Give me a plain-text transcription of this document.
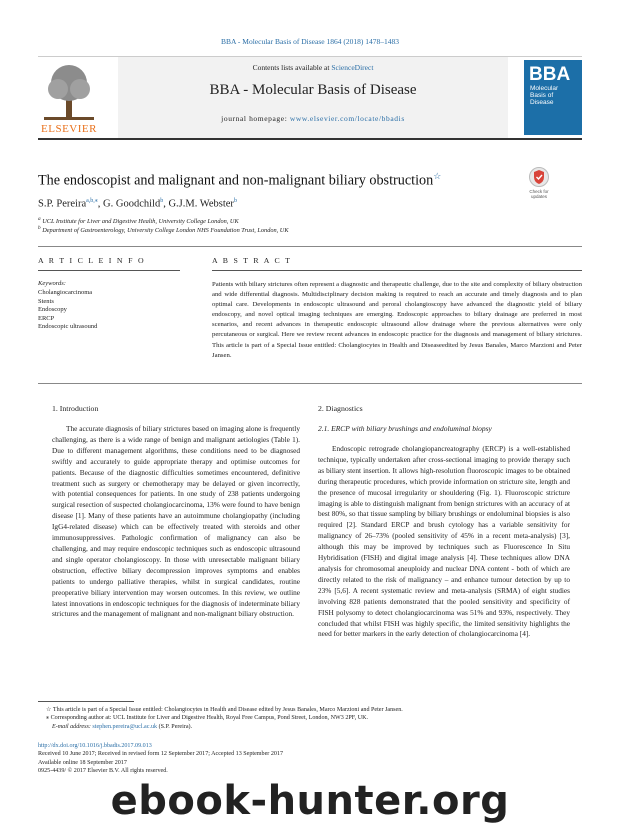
BBA - Molecular Basis of Disease 1864 (2018) 1478–1483
ELSEVIER
Contents lists available at ScienceDirect
BBA - Molecular Basis of Disease
journal homepage: www.elsevier.com/locate/bbadis
BBA
Molecular
Basis of
Disease
The endoscopist and malignant and non-malignant biliary obstruction☆
Check for
updates
S.P. Pereira$^{a,b,⁎}$, G. Goodchild$^b$, G.J.M. Webster$^b$
$^a$ UCL Institute for Liver and Digestive Health, University College London, UK
$^b$ Department of Gastroenterology, University College London NHS Foundation Trust, London, UK
A R T I C L E I N F O	A B S T R A C T
Keywords:
Cholangiocarcinoma
Stents
Endoscopy
ERCP
Endoscopic ultrasound
Patients with biliary strictures often represent a diagnostic and therapeutic challenge, due to the site and complexity of biliary obstruction and wide differential diagnosis. Multidisciplinary decision making is required to reach an accurate and timely diagnosis and to plan optimal care. Developments in endoscopic ultrasound and peroral cholangioscopy have advanced the diagnostic yield of biliary endoscopy, and novel optical imaging techniques are emerging. Endoscopic approaches to biliary drainage are preferred in most scenarios, and recent advances in therapeutic endoscopic ultrasound allow drainage where the previous alternatives were only percutaneous or surgical. Here we review recent advances in endoscopic practice for the diagnosis and management of biliary strictures. This article is part of a Special Issue entitled: Cholangiocytes in Health and Diseaseedited by Jesus Banales, Marco Marzioni and Peter Jansen.
1. Introduction

The accurate diagnosis of biliary strictures based on imaging alone is frequently challenging, as there is a wide range of benign and malignant aetiologies (Table 1). Due to different management algorithms, these conditions need to be diagnosed swiftly and accurately to guide appropriate therapy and optimise outcomes for patients. Because of the diagnostic difficulties sometimes encountered, definitive treatment such as surgery or chemotherapy may be delayed or given incorrectly, with potential consequences for patients. In one study of 238 patients undergoing surgical resection of suspected cholangiocarcinoma, 13% were found to have benign disease [1]. Many of these patients have an autoimmune cholangiopathy (including IgG4-related disease) which can be effectively treated with steroids and other immunosuppressives. Pathologic confirmation of malignancy can also be challenging, and may require endoscopic techniques such as endoscopic ultrasound and single operator cholangioscopy. In those with unresectable malignant biliary obstruction, effective biliary decompression improves symptoms and enables patients to undergo palliative therapies, whilst in surgical candidates, routine preoperative biliary intervention may worsen outcomes. In this review, we outline latest innovations in endoscopic techniques for the diagnosis of indeterminate biliary strictures and the management of malignant and non-malignant biliary obstruction.

2. Diagnostics
2.1. ERCP with biliary brushings and endoluminal biopsy

Endoscopic retrograde cholangiopancreatography (ERCP) is a well-established technique, typically undertaken after cross-sectional imaging to provide therapy such as biliary stent insertion. It allows high-resolution fluoroscopic images to be obtained during therapeutic procedures, which provide information on stricture site, length and the presence of mucosal irregularity or shouldering (Fig. 1). Fluoroscopic stricture imaging is able to distinguish malignant from benign strictures with an accuracy of at best 80%, so that tissue sampling by biliary brushings or endoluminal biopsies is also required [2]. Standard ERCP and brush cytology has a variable sensitivity for malignancy of 26–73% (pooled sensitivity of 45% in a recent meta-analysis) [3], although this may be improved by techniques such as Fluorescence In Situ Hybridisation (FISH) and digital image analysis [4]. These techniques allow DNA analysis for chromosomal aneuploidy and nuclear DNA content - both of which are directly related to the risk of malignancy – and enhance tumour detection by up to 23% [5,6]. A recent systematic review and meta-analysis (SRMA) of eight studies involving 828 patients demonstrated that the pooled sensitivity and specificity of FISH polysomy to detect cholangiocarcinoma was 51% and 93%, respectively. They concluded that whilst FISH was highly specific, the limited sensitivity highlights the need for better markers in the early detection of cholangiocarcinoma [4].

☆ This article is part of a Special Issue entitled: Cholangiocytes in Health and Disease edited by Jesus Banales, Marco Marzioni and Peter Jansen.
⁎ Corresponding author at: UCL Institute for Liver and Digestive Health, Royal Free Campus, Pond Street, London, NW3 2PF, UK.
E-mail address: stephen.pereira@ucl.ac.uk (S.P. Pereira).
http://dx.doi.org/10.1016/j.bbadis.2017.09.013
Received 10 June 2017; Received in revised form 12 September 2017; Accepted 13 September 2017
Available online 18 September 2017
0925-4439/ © 2017 Elsevier B.V. All rights reserved.
ebook-hunter.org
